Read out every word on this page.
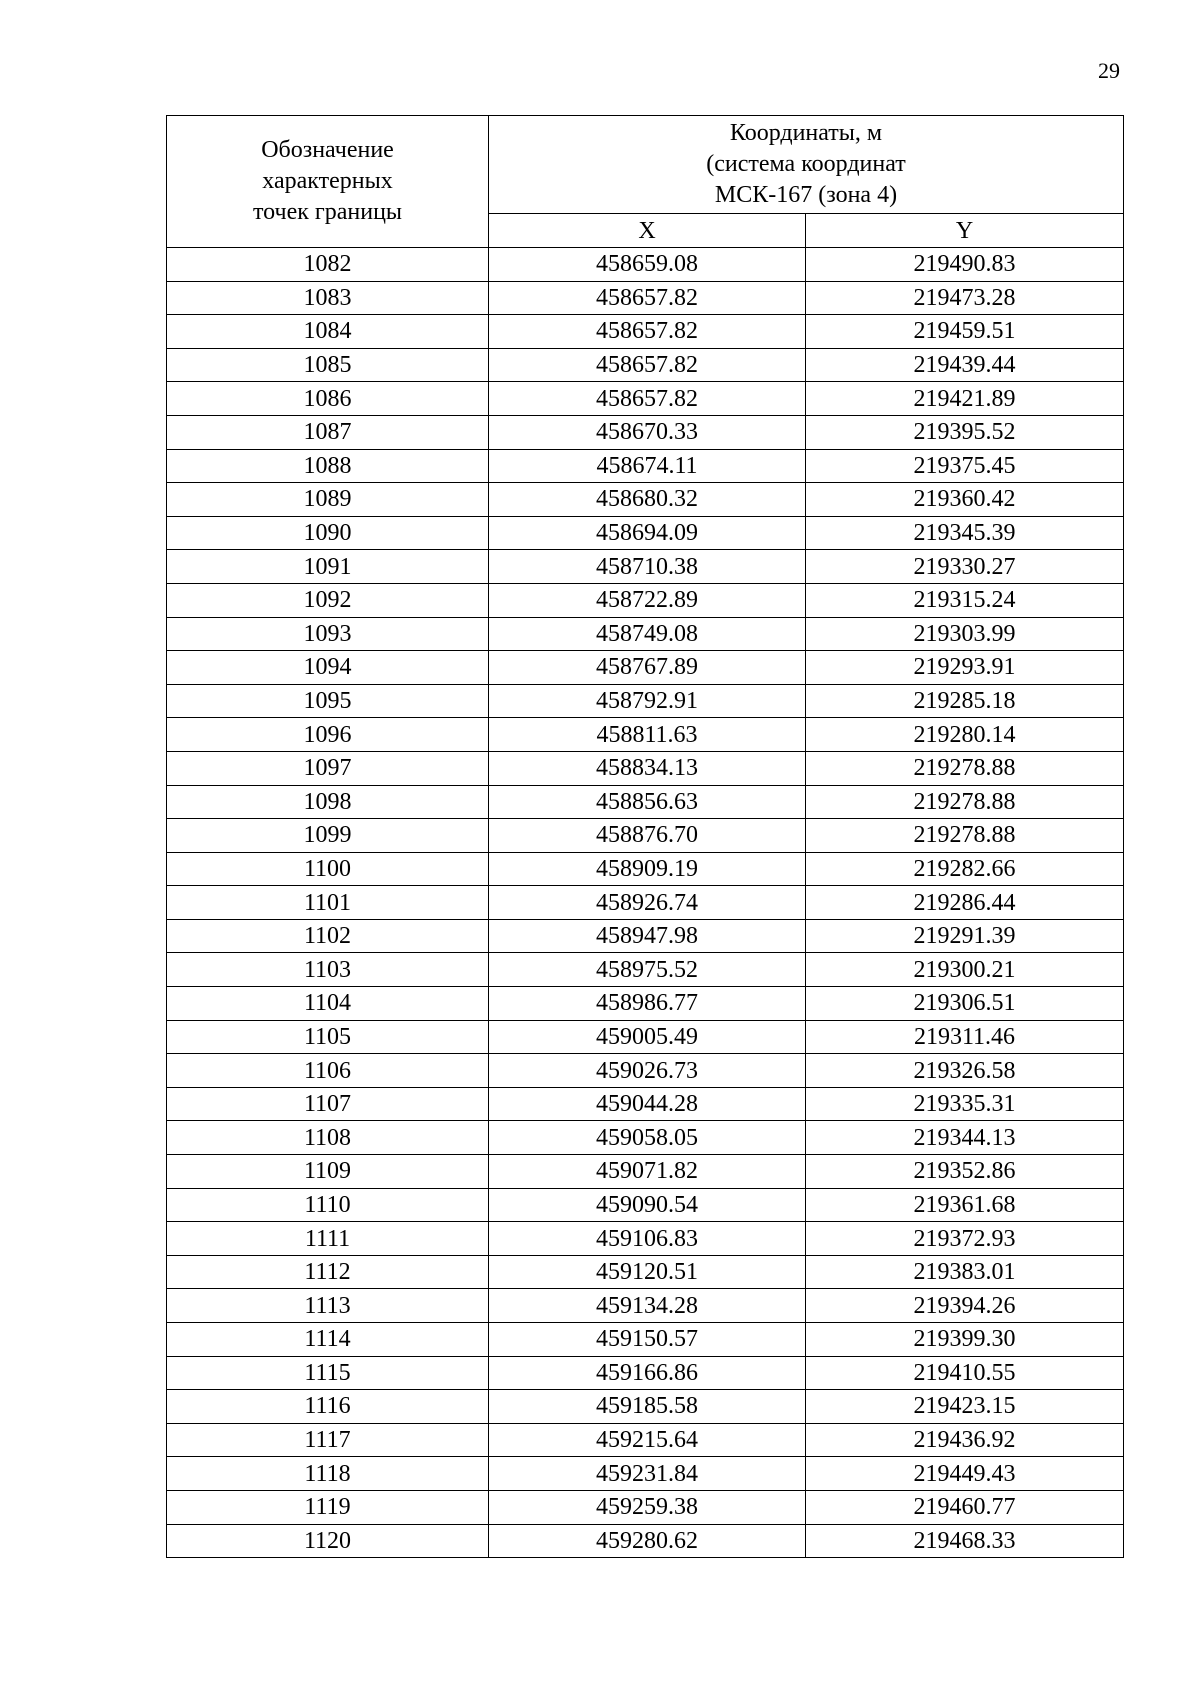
29
Обозначение
характерных
точек границы	Координаты, м
(система координат
МСК-167 (зона 4)	

	X	Y
1082	458659.08	219490.83
1083	458657.82	219473.28
1084	458657.82	219459.51
1085	458657.82	219439.44
1086	458657.82	219421.89
1087	458670.33	219395.52
1088	458674.11	219375.45
1089	458680.32	219360.42
1090	458694.09	219345.39
1091	458710.38	219330.27
1092	458722.89	219315.24
1093	458749.08	219303.99
1094	458767.89	219293.91
1095	458792.91	219285.18
1096	458811.63	219280.14
1097	458834.13	219278.88
1098	458856.63	219278.88
1099	458876.70	219278.88
1100	458909.19	219282.66
1101	458926.74	219286.44
1102	458947.98	219291.39
1103	458975.52	219300.21
1104	458986.77	219306.51
1105	459005.49	219311.46
1106	459026.73	219326.58
1107	459044.28	219335.31
1108	459058.05	219344.13
1109	459071.82	219352.86
1110	459090.54	219361.68
1111	459106.83	219372.93
1112	459120.51	219383.01
1113	459134.28	219394.26
1114	459150.57	219399.30
1115	459166.86	219410.55
1116	459185.58	219423.15
1117	459215.64	219436.92
1118	459231.84	219449.43
1119	459259.38	219460.77
1120	459280.62	219468.33
